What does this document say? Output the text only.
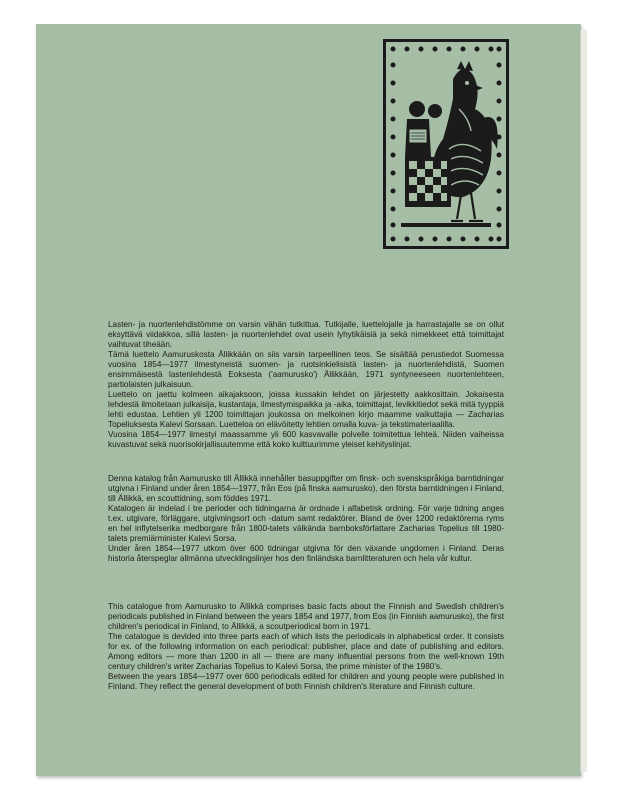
Lasten- ja nuortenlehdistömme on varsin vähän tutkittua. Tutkijalle, luettelojalle ja harrastajalle se on ollut eksyttävä viidakkoa, sillä lasten- ja nuortenlehdet ovat usein lyhytikäisiä ja sekä nimekkeet että toimittajat vaihtuvat tiheään.

Tämä luettelo Aamuruskosta Ällikkään on siis varsin tarpeellinen teos. Se sisältää perustiedot Suomessa vuosina 1854—1977 ilmestyneistä suomen- ja ruotsinkielisistä lasten- ja nuortenlehdistä, Suomen ensimmäisestä lastenlehdestä Eoksesta ('aamurusko') Ällikkään, 1971 syntyneeseen nuortenlehteen, partiolaisten julkaisuun.

Luettelo on jaettu kolmeen aikajaksoon, joissa kussakin lehdet on järjestetty aakkosittain. Jokaisesta lehdestä ilmoitetaan julkaisija, kustantaja, ilmestymispaikka ja -aika, toimittajat, levikkitiedot sekä mitä tyyppiä lehti edustaa. Lehtien yli 1200 toimittajan joukossa on melkoinen kirjo maamme vaikuttajia — Zacharias Topeliuksesta Kalevi Sorsaan. Luetteloa on elävöitetty lehtien omalla kuva- ja tekstimateriaalilla.

Vuosina 1854—1977 ilmestyi maassamme yli 600 kasvavalle polvelle toimitettua lehteä. Niiden vaiheissa kuvastuvat sekä nuorisokirjallisuutemme että koko kulttuurimme yleiset kehityslinjat.

Denna katalog från Aamurusko till Ällikkä innehåller basuppgifter om finsk- och svenskspråkiga barntidningar utgivna i Finland under åren 1854—1977, från Eos (på finska aamurusko), den första barntidningen i Finland, till Ällikkä, en scouttidning, som föddes 1971.

Katalogen är indelad i tre perioder och tidningarna är ordnade i alfabetisk ordning. För varje tidning anges t.ex. utgivare, förläggare, utgivningsort och -datum samt redaktörer. Bland de över 1200 redaktörerna ryms en hel inflytelserika medborgare från 1800-talets välkända barnboksförfattare Zacharias Topelius till 1980-talets premiärminister Kalevi Sorsa.

Under åren 1854—1977 utkom över 600 tidningar utgivna för den växande ungdomen i Finland. Deras historia återspeglar allmänna utvecklingslinjer hos den finländska barnlitteraturen och hela vår kultur.

This catalogue from Aamurusko to Ällikkä comprises basic facts about the Finnish and Swedish children's periodicals published in Finland between the years 1854 and 1977, from Eos (in Finnish aamurusko), the first children's periodical in Finland, to Ällikkä, a scoutperiodical born in 1971.

The catalogue is devided into three parts each of which lists the periodicals in alphabetical order. It consists for ex. of the following information on each periodical: publisher, place and date of publishing and editors. Among editors — more than 1200 in all — there are many influential persons from the well-known 19th century children's writer Zacharias Topelius to Kalevi Sorsa, the prime minister of the 1980's.

Between the years 1854—1977 over 600 periodicals edited for children and young people were published in Finland. They reflect the general development of both Finnish children's literature and Finnish culture.
